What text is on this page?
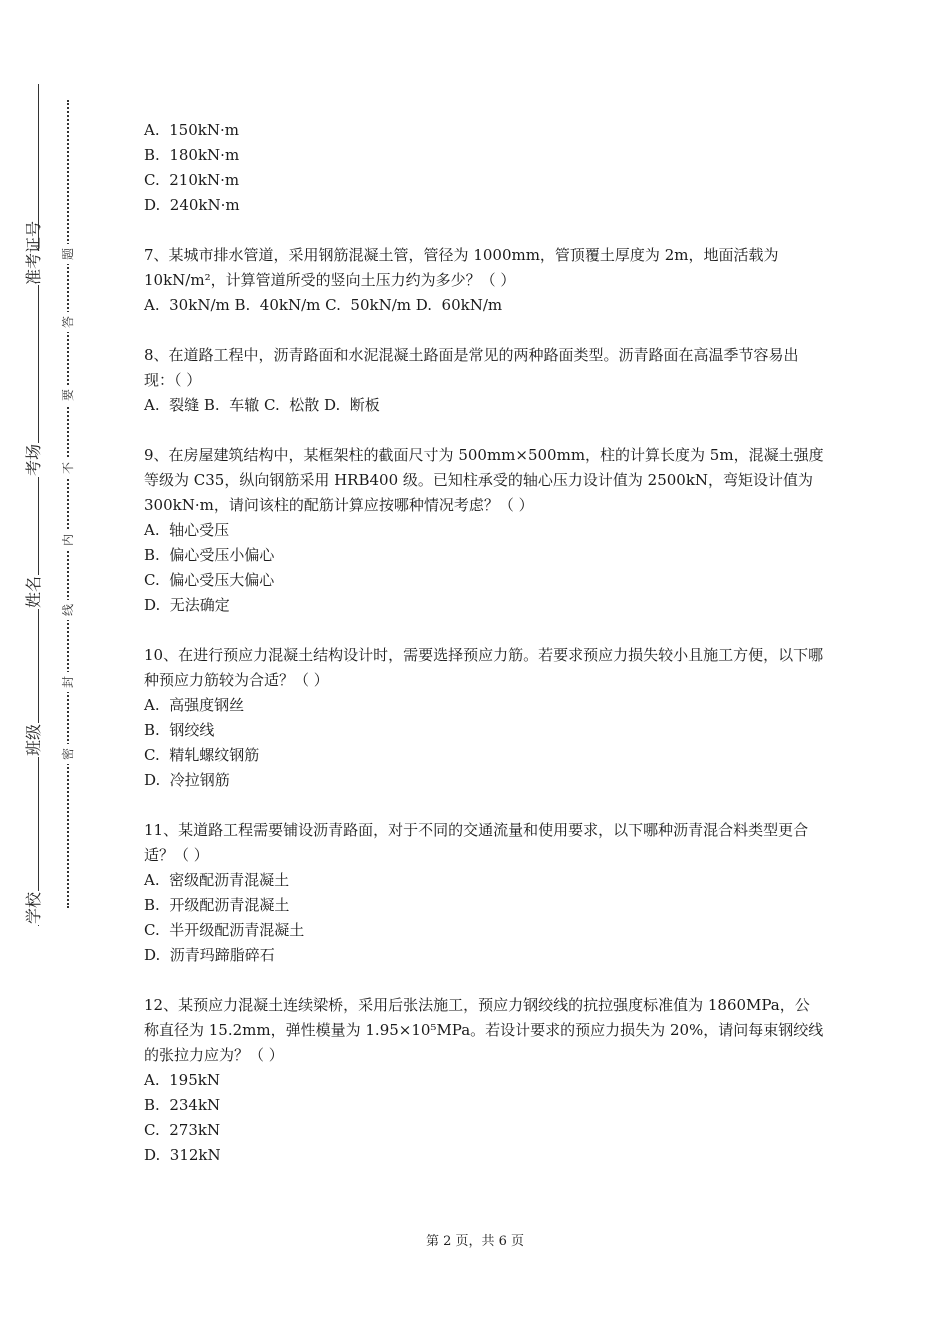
准考证号
考场
姓名
班级
学校
题
答
要
不
内
线
封
密

A.  150kN·m

B.  180kN·m

C.  210kN·m

D.  240kN·m

7、某城市排水管道，采用钢筋混凝土管，管径为 1000mm，管顶覆土厚度为 2m，地面活载为 10kN/m²，计算管道所受的竖向土压力约为多少？（ ）

A.  30kN/m B.  40kN/m C.  50kN/m D.  60kN/m

8、在道路工程中，沥青路面和水泥混凝土路面是常见的两种路面类型。沥青路面在高温季节容易出现：（ ）

A.  裂缝 B.  车辙 C.  松散 D.  断板

9、在房屋建筑结构中，某框架柱的截面尺寸为 500mm×500mm，柱的计算长度为 5m，混凝土强度等级为 C35，纵向钢筋采用 HRB400 级。已知柱承受的轴心压力设计值为 2500kN，弯矩设计值为 300kN·m，请问该柱的配筋计算应按哪种情况考虑？（ ）

A.  轴心受压

B.  偏心受压小偏心

C.  偏心受压大偏心

D.  无法确定

10、在进行预应力混凝土结构设计时，需要选择预应力筋。若要求预应力损失较小且施工方便，以下哪种预应力筋较为合适？（ ）

A.  高强度钢丝

B.  钢绞线

C.  精轧螺纹钢筋

D.  冷拉钢筋

11、某道路工程需要铺设沥青路面，对于不同的交通流量和使用要求，以下哪种沥青混合料类型更合适？（ ）

A.  密级配沥青混凝土

B.  开级配沥青混凝土

C.  半开级配沥青混凝土

D.  沥青玛蹄脂碎石

12、某预应力混凝土连续梁桥，采用后张法施工，预应力钢绞线的抗拉强度标准值为 1860MPa，公称直径为 15.2mm，弹性模量为 1.95×10⁵MPa。若设计要求的预应力损失为 20%，请问每束钢绞线的张拉力应为？（ ）

A.  195kN

B.  234kN

C.  273kN

D.  312kN

第 2 页，共 6 页
